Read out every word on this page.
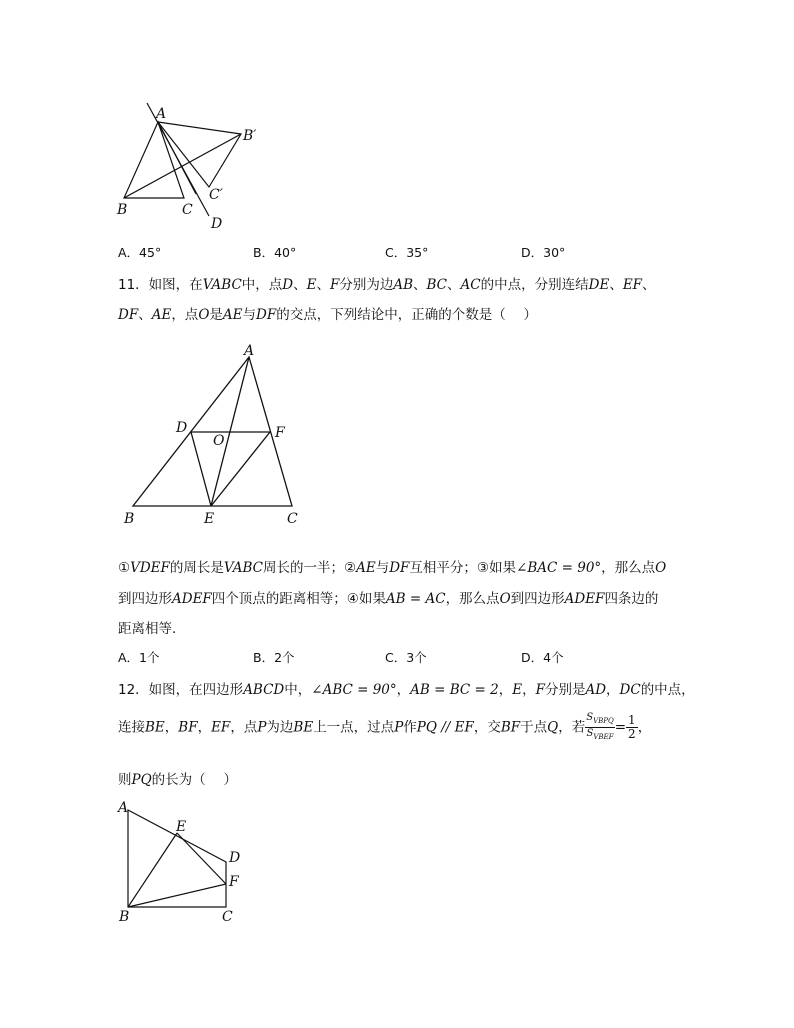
A
B	C
D
B′
C′
A．45°	B．40°	C．35°	D．30°
11．如图，在VABC中，点D、E、F分别为边AB、BC、AC的中点，分别连结DE、EF、
DF、AE，点O是AE与DF的交点，下列结论中，正确的个数是（　 ）
A
B	C
D
E
F
O
①VDEF的周长是VABC周长的一半；②AE与DF互相平分；③如果∠BAC = 90°，那么点O
到四边形ADEF四个顶点的距离相等；④如果AB = AC，那么点O到四边形ADEF四条边的
距离相等．
A．1个	B．2个	C．3个	D．4个
12．如图，在四边形ABCD中，∠ABC = 90°，AB = BC = 2，E，F分别是AD，DC的中点，
连接BE，BF，EF，点P为边BE上一点，过点P作PQ // EF，交BF于点Q，若 $\frac{S_{VBPQ}}{S_{VBEF}} = \frac{1}{2}$ ，
则PQ的长为（　 ）
A
B	C
D
E
F
